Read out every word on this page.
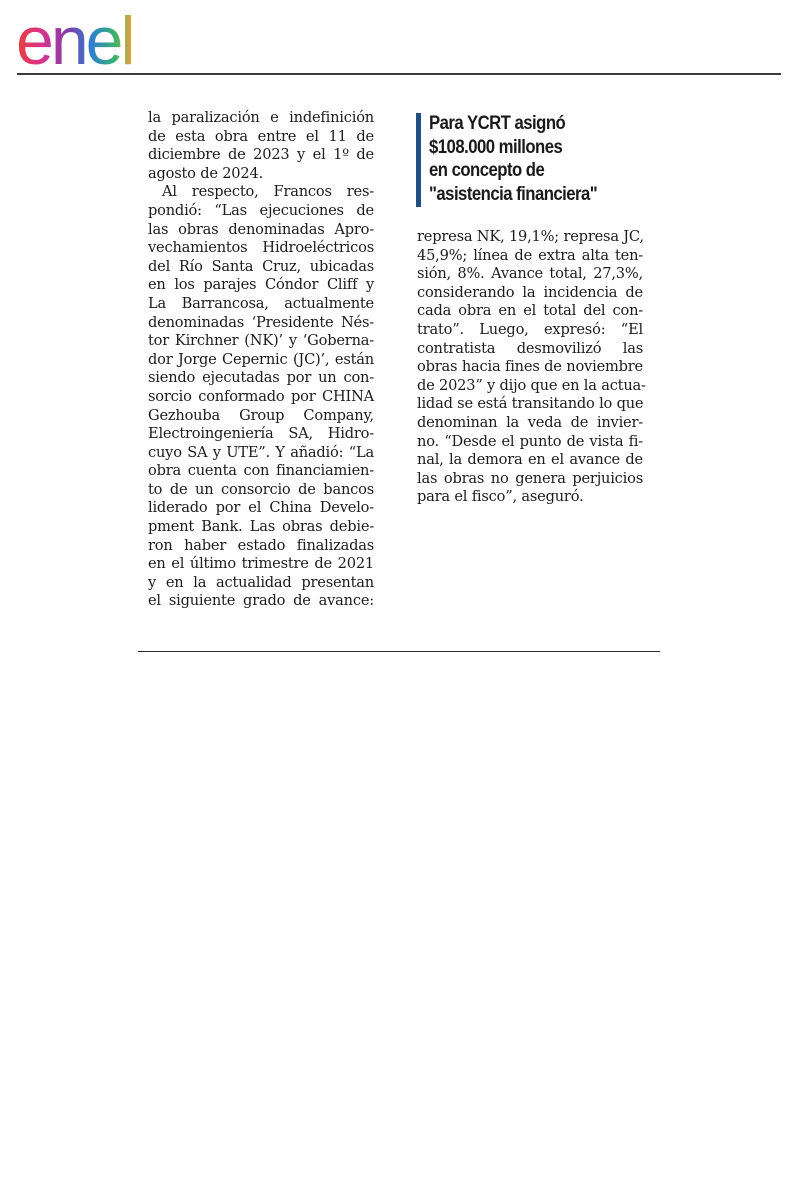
enel
la paralización e indefinición
de esta obra entre el 11 de
diciembre de 2023 y el 1º de
agosto de 2024.
Al respecto, Francos res-
pondió: “Las ejecuciones de
las obras denominadas Apro-
vechamientos Hidroeléctricos
del Río Santa Cruz, ubicadas
en los parajes Cóndor Cliff y
La Barrancosa, actualmente
denominadas ‘Presidente Nés-
tor Kirchner (NK)’ y ‘Goberna-
dor Jorge Cepernic (JC)’, están
siendo ejecutadas por un con-
sorcio conformado por CHINA
Gezhouba Group Company,
Electroingeniería SA, Hidro-
cuyo SA y UTE”. Y añadió: “La
obra cuenta con financiamien-
to de un consorcio de bancos
liderado por el China Develo-
pment Bank. Las obras debie-
ron haber estado finalizadas
en el último trimestre de 2021
y en la actualidad presentan
el siguiente grado de avance:
Para YCRT asignó
$108.000 millones
en concepto de
"asistencia financiera"
represa NK, 19,1%; represa JC,
45,9%; línea de extra alta ten-
sión, 8%. Avance total, 27,3%,
considerando la incidencia de
cada obra en el total del con-
trato”. Luego, expresó: “El
contratista desmovilizó las
obras hacia fines de noviembre
de 2023” y dijo que en la actua-
lidad se está transitando lo que
denominan la veda de invier-
no. “Desde el punto de vista fi-
nal, la demora en el avance de
las obras no genera perjuicios
para el fisco”, aseguró.
